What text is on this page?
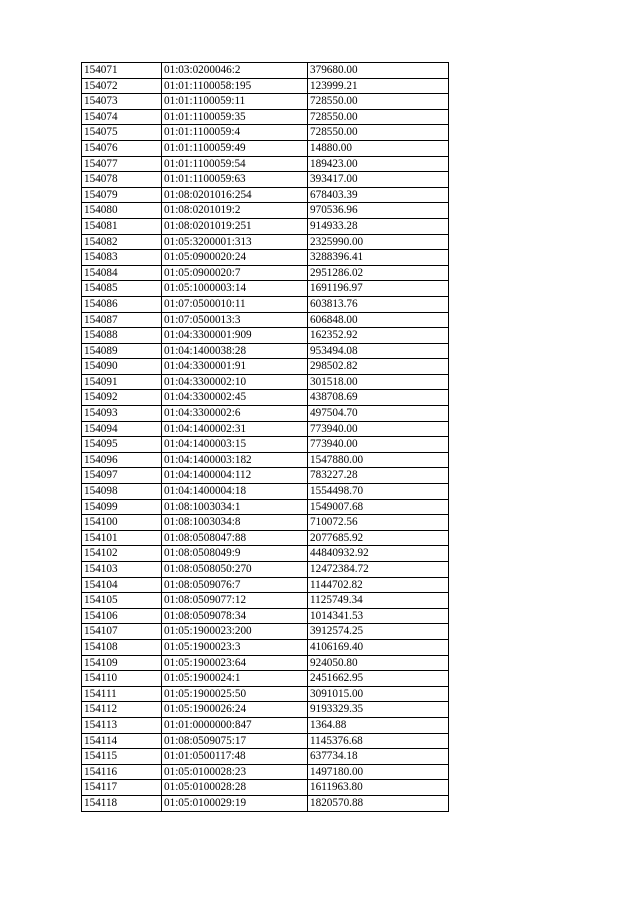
154071	01:03:0200046:2	379680.00
154072	01:01:1100058:195	123999.21
154073	01:01:1100059:11	728550.00
154074	01:01:1100059:35	728550.00
154075	01:01:1100059:4	728550.00
154076	01:01:1100059:49	14880.00
154077	01:01:1100059:54	189423.00
154078	01:01:1100059:63	393417.00
154079	01:08:0201016:254	678403.39
154080	01:08:0201019:2	970536.96
154081	01:08:0201019:251	914933.28
154082	01:05:3200001:313	2325990.00
154083	01:05:0900020:24	3288396.41
154084	01:05:0900020:7	2951286.02
154085	01:05:1000003:14	1691196.97
154086	01:07:0500010:11	603813.76
154087	01:07:0500013:3	606848.00
154088	01:04:3300001:909	162352.92
154089	01:04:1400038:28	953494.08
154090	01:04:3300001:91	298502.82
154091	01:04:3300002:10	301518.00
154092	01:04:3300002:45	438708.69
154093	01:04:3300002:6	497504.70
154094	01:04:1400002:31	773940.00
154095	01:04:1400003:15	773940.00
154096	01:04:1400003:182	1547880.00
154097	01:04:1400004:112	783227.28
154098	01:04:1400004:18	1554498.70
154099	01:08:1003034:1	1549007.68
154100	01:08:1003034:8	710072.56
154101	01:08:0508047:88	2077685.92
154102	01:08:0508049:9	44840932.92
154103	01:08:0508050:270	12472384.72
154104	01:08:0509076:7	1144702.82
154105	01:08:0509077:12	1125749.34
154106	01:08:0509078:34	1014341.53
154107	01:05:1900023:200	3912574.25
154108	01:05:1900023:3	4106169.40
154109	01:05:1900023:64	924050.80
154110	01:05:1900024:1	2451662.95
154111	01:05:1900025:50	3091015.00
154112	01:05:1900026:24	9193329.35
154113	01:01:0000000:847	1364.88
154114	01:08:0509075:17	1145376.68
154115	01:01:0500117:48	637734.18
154116	01:05:0100028:23	1497180.00
154117	01:05:0100028:28	1611963.80
154118	01:05:0100029:19	1820570.88
